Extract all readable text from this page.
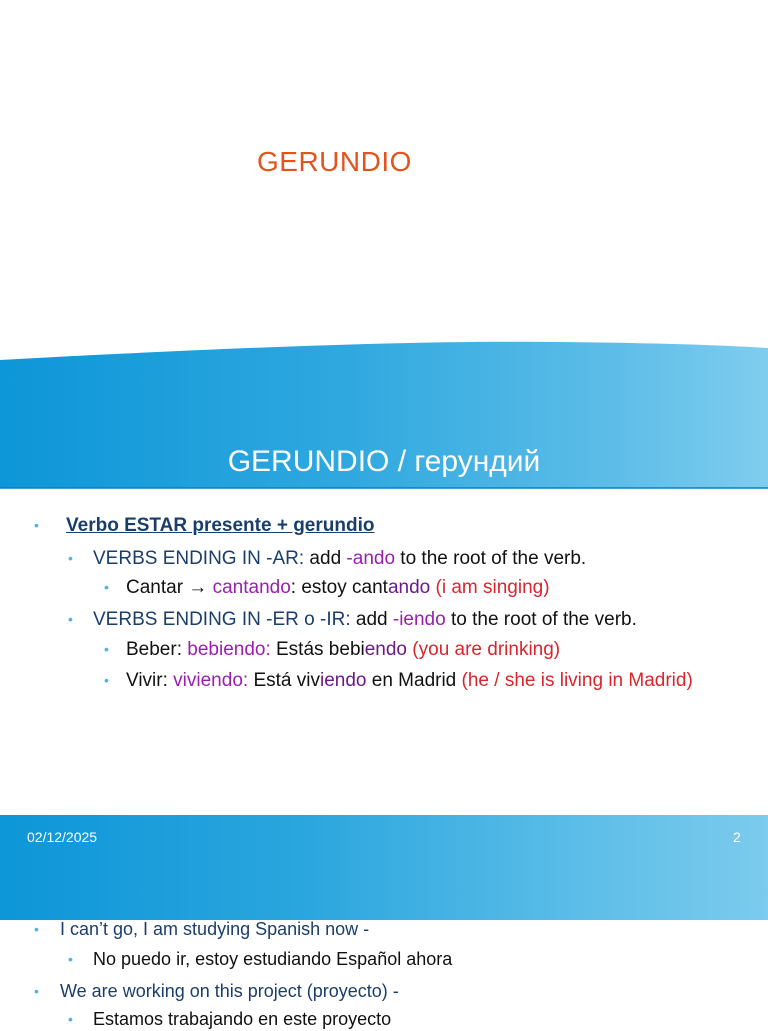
GERUNDIO
GERUNDIO / герундий
• Verbo ESTAR presente + gerundio
• VERBS ENDING IN -AR: add -ando to the root of the verb.
• Cantar → cantando: estoy cantando (i am singing)
• VERBS ENDING IN -ER o -IR: add -iendo to the root of the verb.
• Beber: bebiendo: Estás bebiendo (you are drinking)
• Vivir: viviendo: Está viviendo en Madrid (he / she is living in Madrid)
02/12/2025	2
• I can’t go, I am studying Spanish now -
• No puedo ir, estoy estudiando Español ahora
• We are working on this project (proyecto) -
• Estamos trabajando en este proyecto
